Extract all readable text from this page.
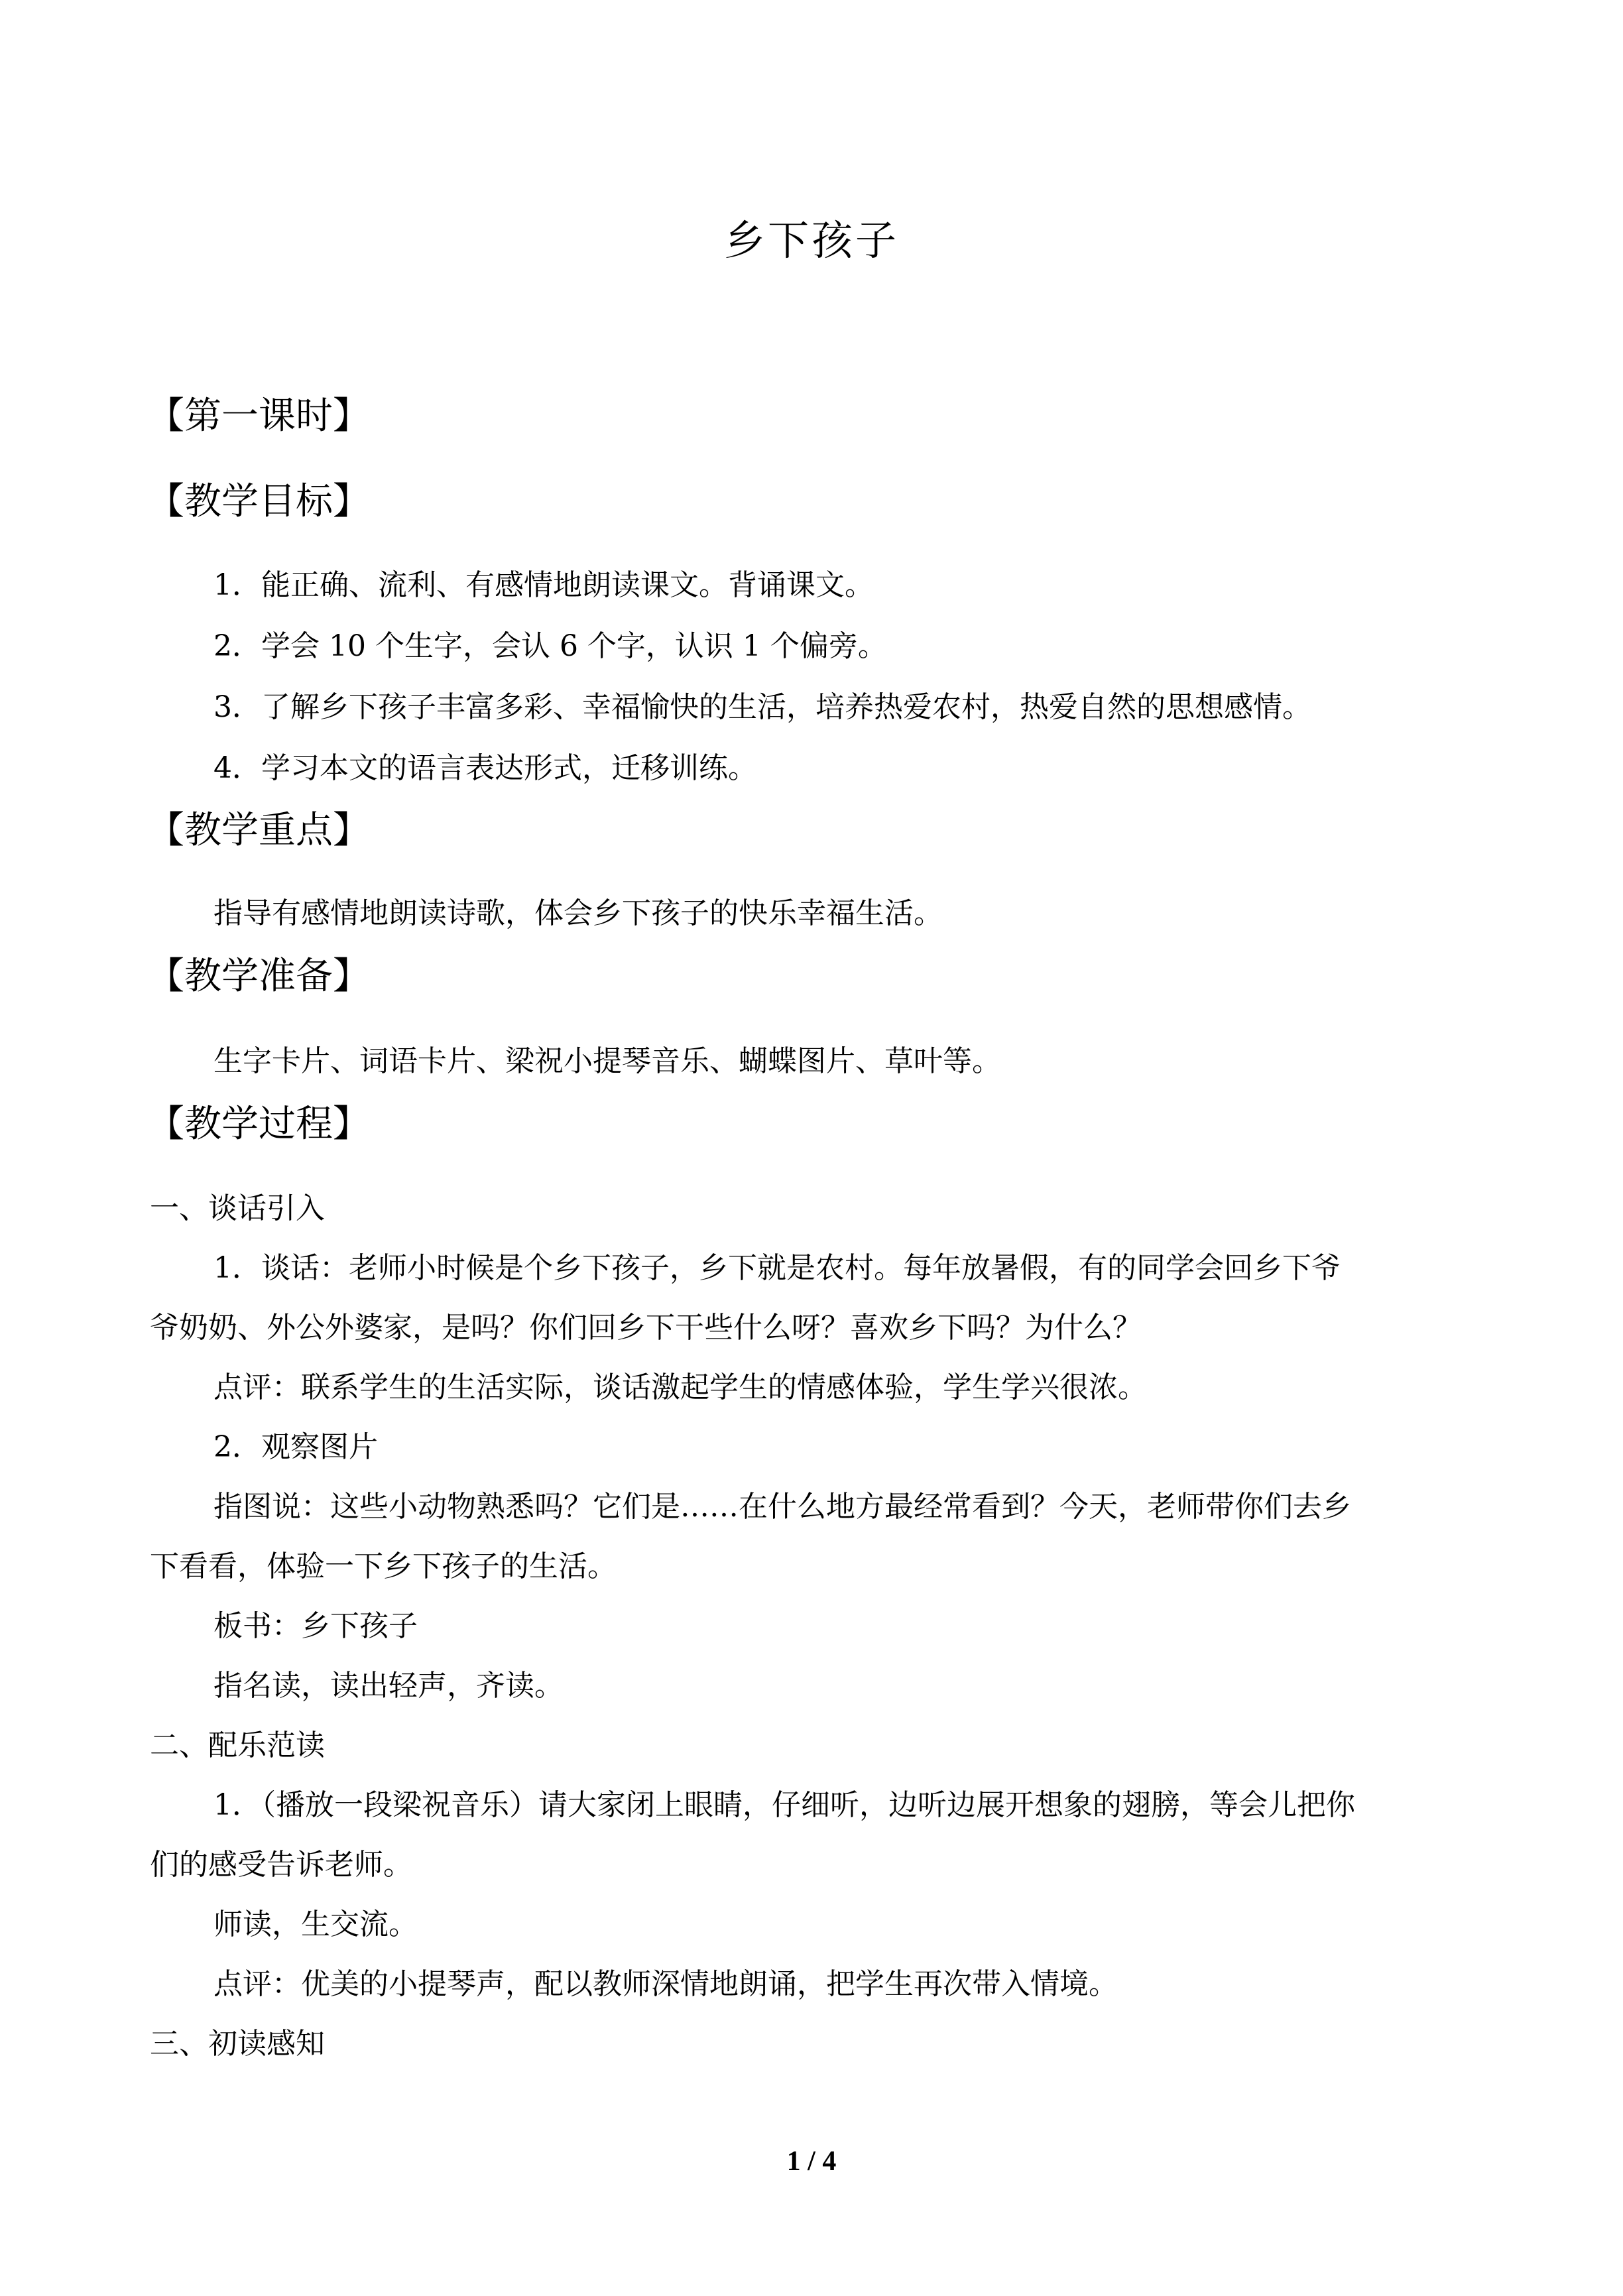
乡下孩子
【第一课时】
【教学目标】
1．能正确、流利、有感情地朗读课文。背诵课文。
2．学会 10 个生字，会认 6 个字，认识 1 个偏旁。
3．了解乡下孩子丰富多彩、幸福愉快的生活，培养热爱农村，热爱自然的思想感情。
4．学习本文的语言表达形式，迁移训练。
【教学重点】
指导有感情地朗读诗歌，体会乡下孩子的快乐幸福生活。
【教学准备】
生字卡片、词语卡片、梁祝小提琴音乐、蝴蝶图片、草叶等。
【教学过程】
一、谈话引入
1．谈话：老师小时候是个乡下孩子，乡下就是农村。每年放暑假，有的同学会回乡下爷
爷奶奶、外公外婆家，是吗？你们回乡下干些什么呀？喜欢乡下吗？为什么？
点评：联系学生的生活实际，谈话激起学生的情感体验，学生学兴很浓。
2．观察图片
指图说：这些小动物熟悉吗？它们是……在什么地方最经常看到？今天，老师带你们去乡
下看看，体验一下乡下孩子的生活。
板书：乡下孩子
指名读，读出轻声，齐读。
二、配乐范读
1．（播放一段梁祝音乐）请大家闭上眼睛，仔细听，边听边展开想象的翅膀，等会儿把你
们的感受告诉老师。
师读，生交流。
点评：优美的小提琴声，配以教师深情地朗诵，把学生再次带入情境。
三、初读感知
1 / 4
